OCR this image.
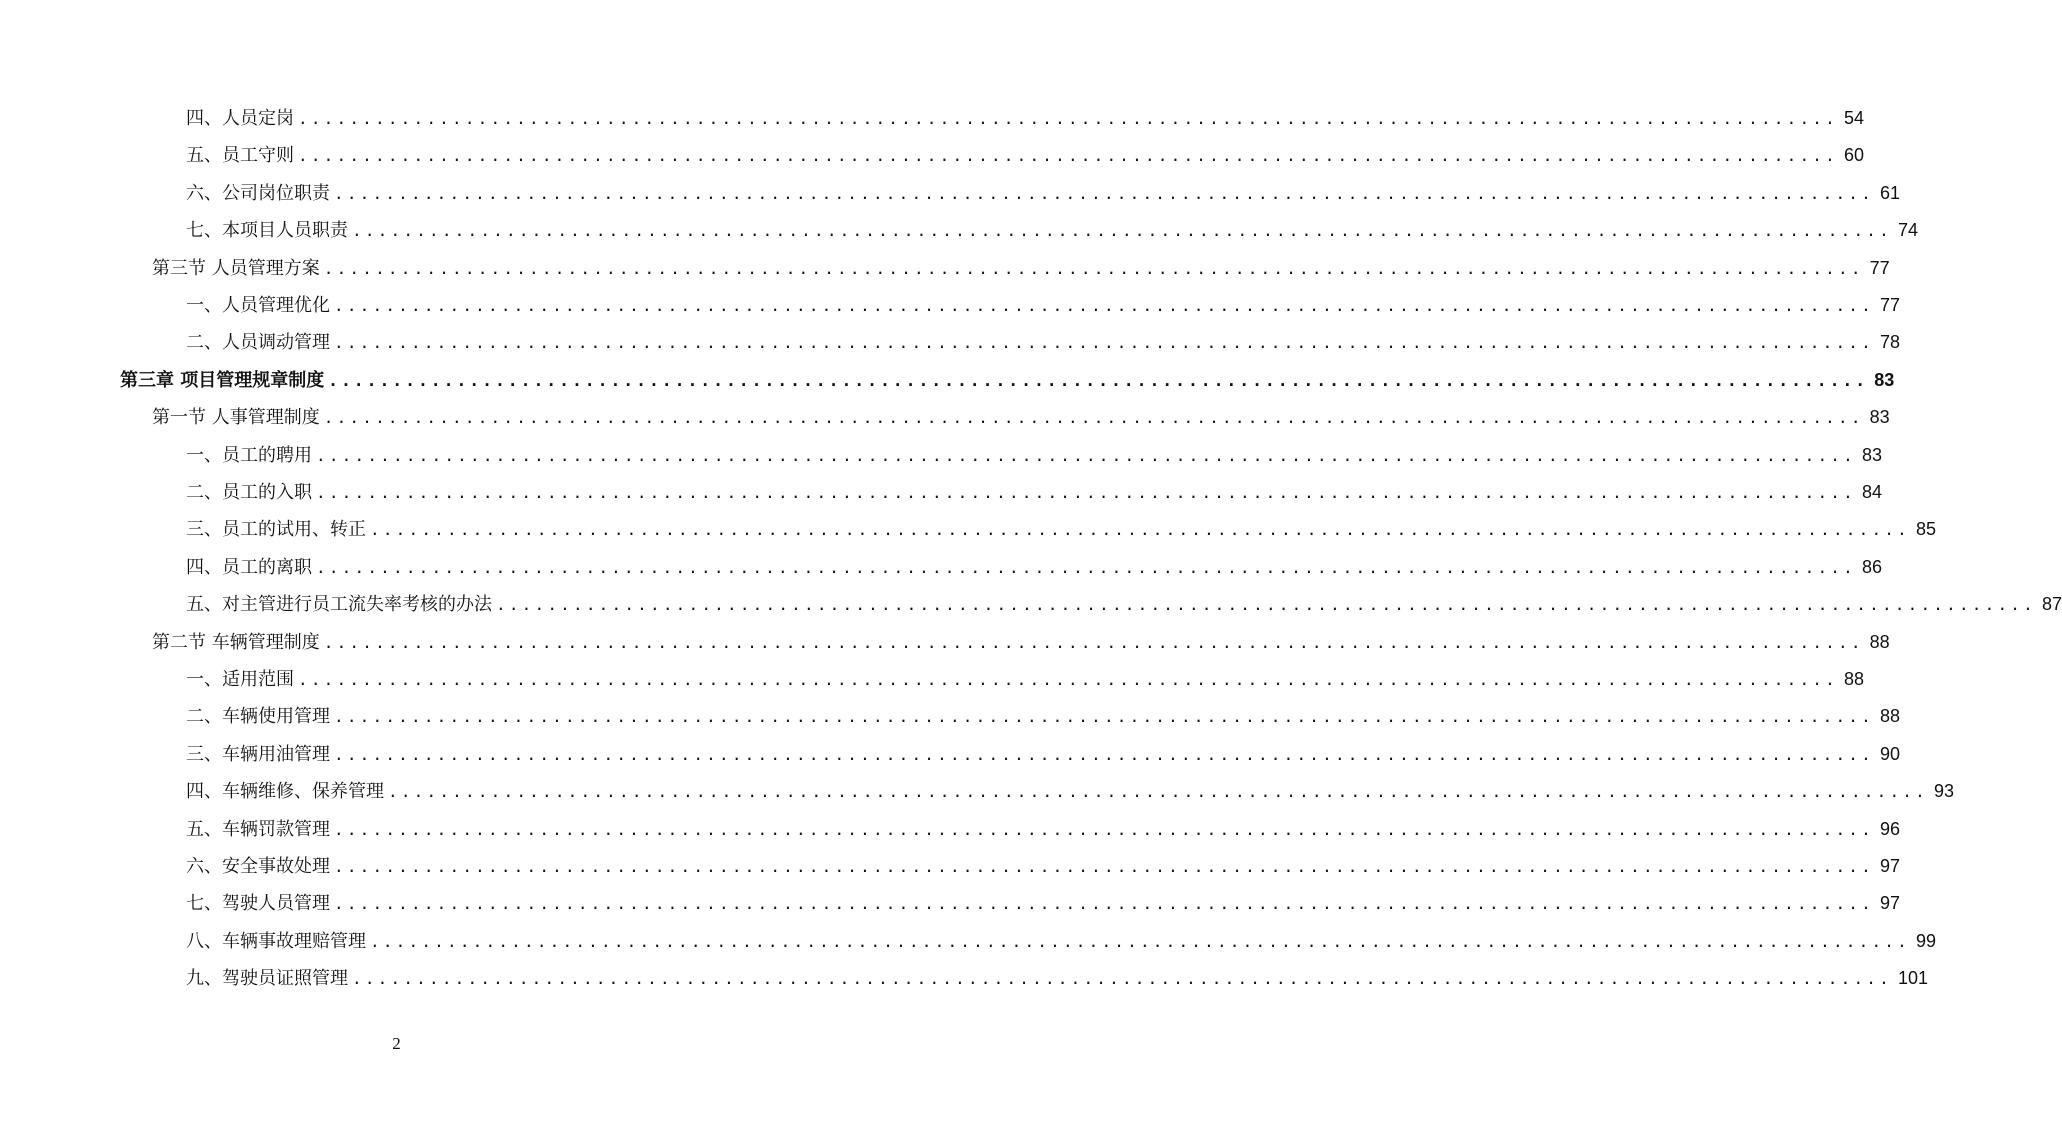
四、人员定岗 ........................................................................................................................ 54
五、员工守则 ........................................................................................................................ 60
六、公司岗位职责 ........................................................................................................................ 61
七、本项目人员职责 ........................................................................................................................ 74
第三节 人员管理方案 ........................................................................................................................ 77
一、人员管理优化 ........................................................................................................................ 77
二、人员调动管理 ........................................................................................................................ 78
第三章 项目管理规章制度 ........................................................................................................................ 83
第一节 人事管理制度 ........................................................................................................................ 83
一、员工的聘用 ........................................................................................................................ 83
二、员工的入职 ........................................................................................................................ 84
三、员工的试用、转正 ........................................................................................................................ 85
四、员工的离职 ........................................................................................................................ 86
五、对主管进行员工流失率考核的办法 ........................................................................................................................ 87
第二节 车辆管理制度 ........................................................................................................................ 88
一、适用范围 ........................................................................................................................ 88
二、车辆使用管理 ........................................................................................................................ 88
三、车辆用油管理 ........................................................................................................................ 90
四、车辆维修、保养管理 ........................................................................................................................ 93
五、车辆罚款管理 ........................................................................................................................ 96
六、安全事故处理 ........................................................................................................................ 97
七、驾驶人员管理 ........................................................................................................................ 97
八、车辆事故理赔管理 ........................................................................................................................ 99
九、驾驶员证照管理 ........................................................................................................................ 101
2
